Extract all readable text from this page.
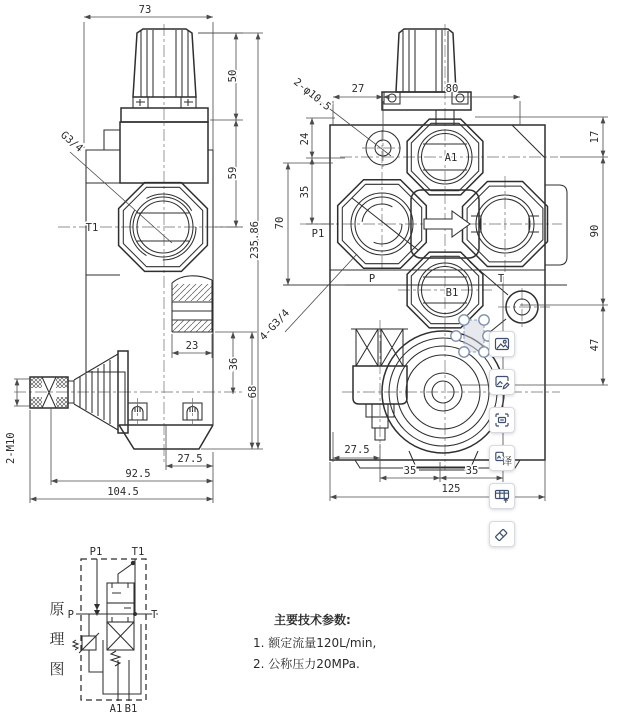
73
50
59
235.86
23
36
68
27.5
92.5
104.5
2-M10
G3/4
T1
27	80
2-φ10.5
24
35
70
17
90
47
27.5
35	35
125
4-G3/4
A1
P1
B1
P	T
P1	T1
P	T
A1 B1
原
理
图
主要技术参数:
1. 额定流量120L/min,
2. 公称压力20MPa.
译
